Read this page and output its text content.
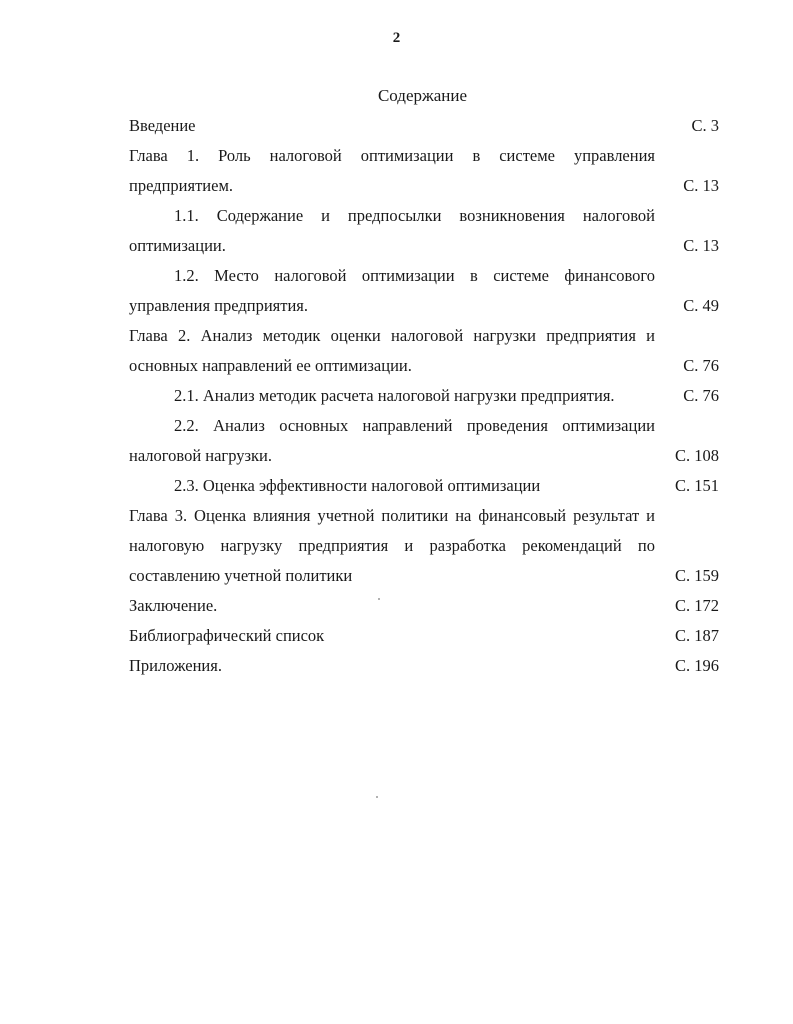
2
Содержание
Введение	С. 3
Глава 1. Роль налоговой оптимизации в системе управления предприятием.	С. 13
1.1. Содержание и предпосылки возникновения налоговой оптимизации.	С. 13
1.2. Место налоговой оптимизации в системе финансового управления предприятия.	С. 49
Глава 2. Анализ методик оценки налоговой нагрузки предприятия и основных направлений ее оптимизации.	С. 76
2.1. Анализ методик расчета налоговой нагрузки предприятия.	С. 76
2.2. Анализ основных направлений проведения оптимизации налоговой нагрузки.	С. 108
2.3. Оценка эффективности налоговой оптимизации	С. 151
Глава 3. Оценка влияния учетной политики на финансовый результат и налоговую нагрузку предприятия и разработка рекомендаций по составлению учетной политики	С. 159
Заключение.	С. 172
Библиографический список	С. 187
Приложения.	С. 196
